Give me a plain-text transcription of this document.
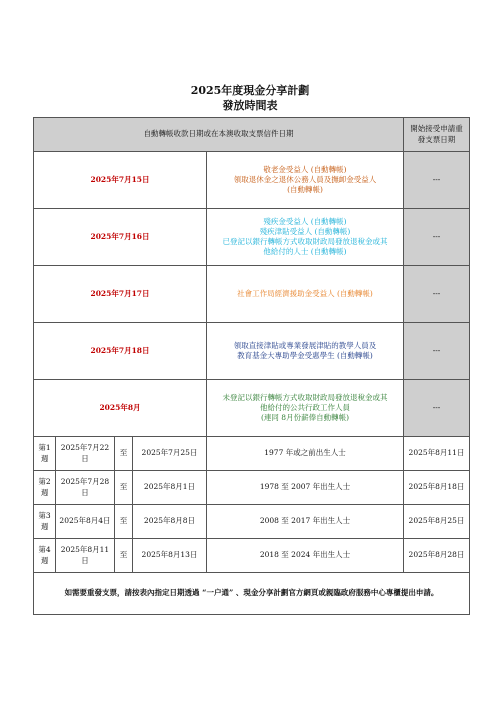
2025年度現金分享計劃
發放時間表
自動轉帳收款日期或在本澳收取支票信件日期					開始接受申請重
發支票日期
2025年7月15日				敬老金受益人 (自動轉帳)
領取退休金之退休公務人員及撫卹金受益人
(自動轉帳)	---
2025年7月16日				殘疾金受益人 (自動轉帳)
殘疾津貼受益人 (自動轉帳)
已登記以銀行轉帳方式收取財政局發放退稅金或其
他給付的人士 (自動轉帳)	---
2025年7月17日				社會工作局經濟援助金受益人 (自動轉帳)	---
2025年7月18日				領取直接津貼或專業發展津貼的教學人員及
教育基金大專助學金受惠學生 (自動轉帳)	---
2025年8月				未登記以銀行轉帳方式收取財政局發放退稅金或其
他給付的公共行政工作人員
(連同 8月份薪俸自動轉帳)	---
第1週	2025年7月22日	至	2025年7月25日	1977 年或之前出生人士	2025年8月11日
第2週	2025年7月28日	至	2025年8月1日	1978 至 2007 年出生人士	2025年8月18日
第3週	2025年8月4日	至	2025年8月8日	2008 至 2017 年出生人士	2025年8月25日
第4週	2025年8月11日	至	2025年8月13日	2018 至 2024 年出生人士	2025年8月28日
如需要重發支票，請按表內指定日期透過 “一户通” 、現金分享計劃官方網頁或親臨政府服務中心專櫃提出申請。					
